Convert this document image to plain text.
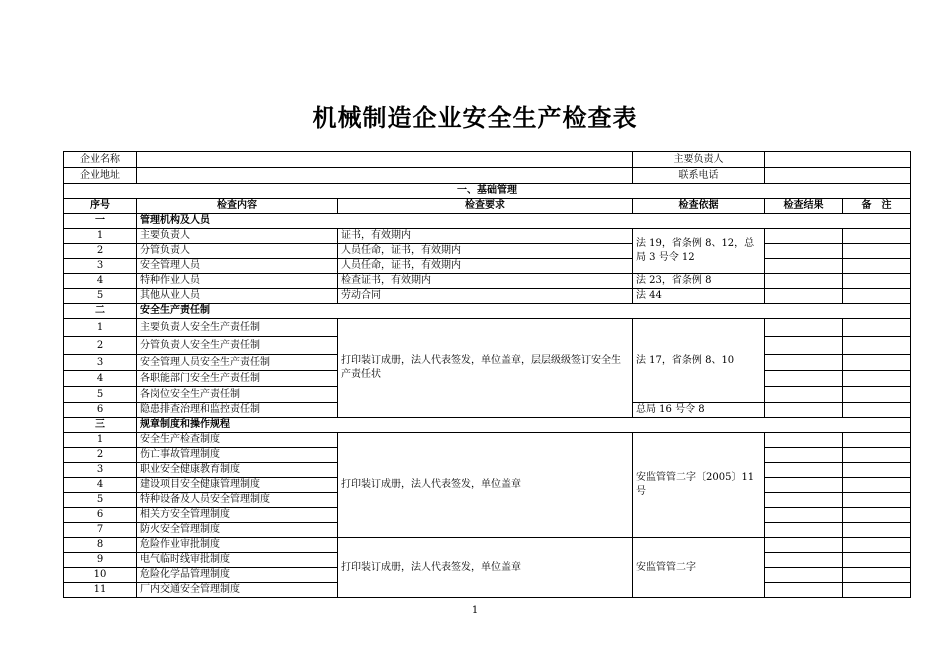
机械制造企业安全生产检查表
企业名称			主要负责人		
企业地址			联系电话		
一、基础管理					
序号	检查内容	检查要求	检查依据	检查结果	备　注
一	管理机构及人员				
1	主要负责人	证书，有效期内	法 19，省条例 8、12，总局 3 号令 12		
2	分管负责人	人员任命，证书，有效期内			
3	安全管理人员	人员任命，证书，有效期内			
4	特种作业人员	检查证书，有效期内	法 23，省条例 8		
5	其他从业人员	劳动合同	法 44		
二	安全生产责任制				
1	主要负责人安全生产责任制	打印装订成册，法人代表签发，单位盖章，层层级级签订安全生产责任状	法 17，省条例 8、10		
2	分管负责人安全生产责任制				
3	安全管理人员安全生产责任制				
4	各职能部门安全生产责任制				
5	各岗位安全生产责任制				
6	隐患排查治理和监控责任制		总局 16 号令 8		
三	规章制度和操作规程				
1	安全生产检查制度	打印装订成册，法人代表签发，单位盖章	安监管管二字〔2005〕11 号		
2	伤亡事故管理制度				
3	职业安全健康教育制度				
4	建设项目安全健康管理制度				
5	特种设备及人员安全管理制度				
6	相关方安全管理制度				
7	防火安全管理制度				
8	危险作业审批制度	打印装订成册，法人代表签发，单位盖章	安监管管二字		
9	电气临时线审批制度				
10	危险化学品管理制度				
11	厂内交通安全管理制度				
1
